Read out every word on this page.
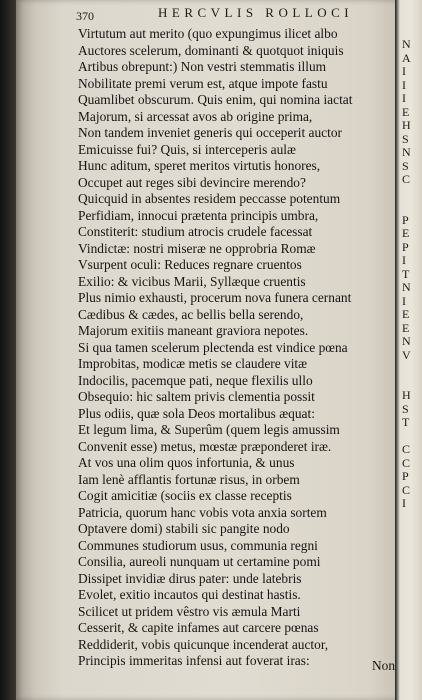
370	HERCVLIS ROLLOCI
Virtutum aut merito (quo expungimus ilicet albo
Auctores scelerum, dominanti & quotquot iniquis
Artibus obrepunt:) Non vestri stemmatis illum
Nobilitate premi verum est, atque impote fastu
Quamlibet obscurum. Quis enim, qui nomina iactat
Majorum, si arcessat avos ab origine prima,
Non tandem inveniet generis qui occeperit auctor
Emicuisse fui? Quis, si interceperis aulæ
Hunc aditum, speret meritos virtutis honores,
Occupet aut reges sibi devincire merendo?
Quicquid in absentes residem peccasse potentum
Perfidiam, innocui prætenta principis umbra,
Constiterit: studium atrocis crudele facessat
Vindictæ: nostri miseræ ne opprobria Romæ
Vsurpent oculi: Reduces regnare cruentos
Exilio: & vicibus Marii, Syllæque cruentis
Plus nimio exhausti, procerum nova funera cernant
Cædibus & cædes, ac bellis bella serendo,
Majorum exitiis maneant graviora nepotes.
Si qua tamen scelerum plectenda est vindice pœna
Improbitas, modicæ metis se claudere vitæ
Indocilis, pacemque pati, neque flexilis ullo
Obsequio: hic saltem privis clementia possit
Plus odiis, quæ sola Deos mortalibus æquat:
Et legum lima, & Superûm (quem legis amussim
Convenit esse) metus, mœstæ præponderet iræ.
At vos una olim quos infortunia, & unus
Iam lenè afflantis fortunæ risus, in orbem
Cogit amicitiæ (sociis ex classe receptis
Patricia, quorum hanc vobis vota anxia sortem
Optavere domi) stabili sic pangite nodo
Communes studiorum usus, communia regni
Consilia, aureoli nunquam ut certamine pomi
Dissipet invidiæ dirus pater: unde latebris
Evolet, exitio incautos qui destinat hastis.
Scilicet ut pridem vêstro vis æmula Marti
Cesserit, & capite infames aut carcere pœnas
Reddiderit, vobis quicunque incenderat auctor,
Principis immeritas infensi aut foverat iras:	Non
N
A
I
I
I
E
H
S
N
S
C
P
E
P
I
T
N
I
E
E
N
V
H
S
T
C
C
P
C
I
